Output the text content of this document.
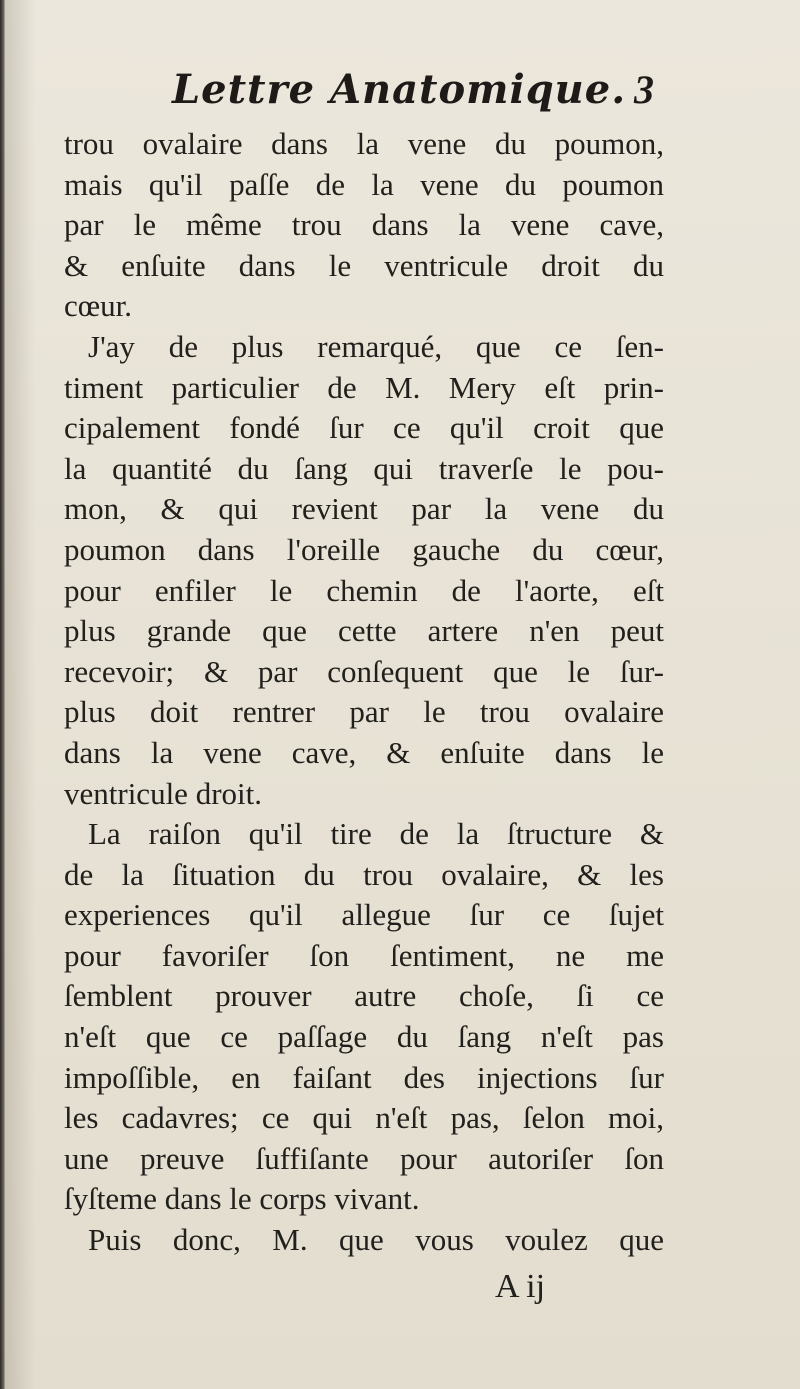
Lettre Anatomique. 3
trou ovalaire dans la vene du poumon,
mais qu'il paſſe de la vene du poumon
par le même trou dans la vene cave,
& enſuite dans le ventricule droit du
cœur.
J'ay de plus remarqué, que ce ſen-
timent particulier de M. Mery eſt prin-
cipalement fondé ſur ce qu'il croit que
la quantité du ſang qui traverſe le pou-
mon, & qui revient par la vene du
poumon dans l'oreille gauche du cœur,
pour enfiler le chemin de l'aorte, eſt
plus grande que cette artere n'en peut
recevoir; & par conſequent que le ſur-
plus doit rentrer par le trou ovalaire
dans la vene cave, & enſuite dans le
ventricule droit.
La raiſon qu'il tire de la ſtructure &
de la ſituation du trou ovalaire, & les
experiences qu'il allegue ſur ce ſujet
pour favoriſer ſon ſentiment, ne me
ſemblent prouver autre choſe, ſi ce
n'eſt que ce paſſage du ſang n'eſt pas
impoſſible, en faiſant des injections ſur
les cadavres; ce qui n'eſt pas, ſelon moi,
une preuve ſuffiſante pour autoriſer ſon
ſyſteme dans le corps vivant.
Puis donc, M. que vous voulez que
A ij
